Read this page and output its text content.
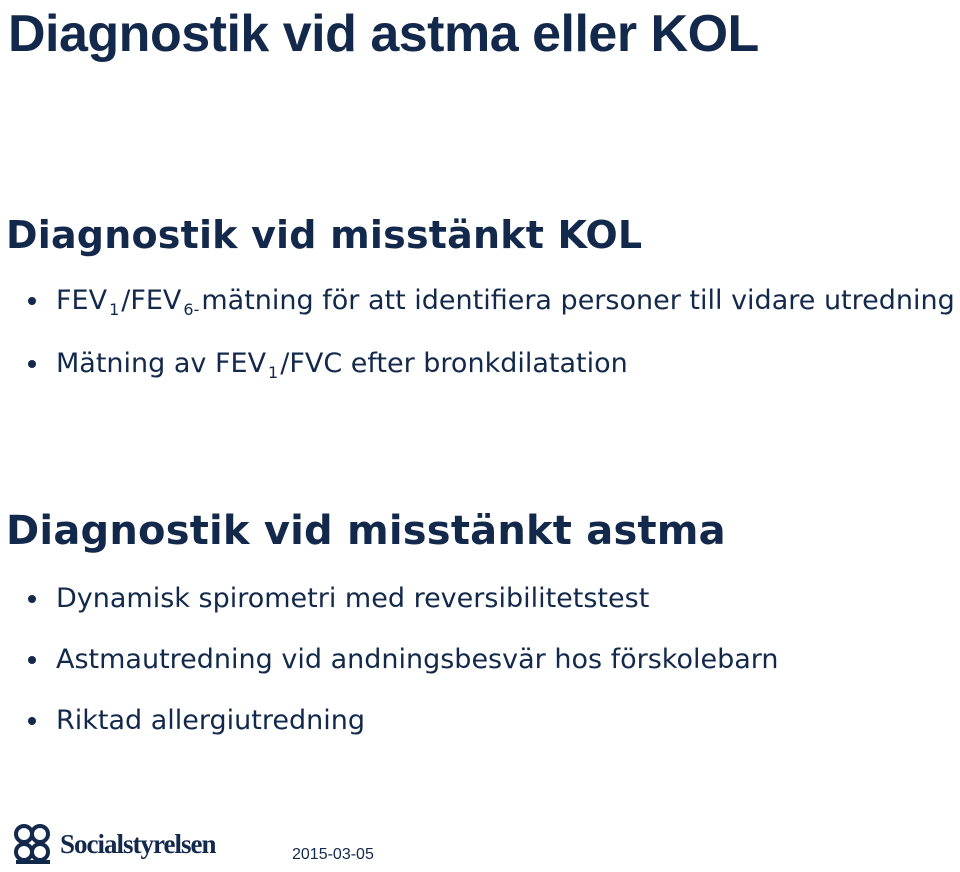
Diagnostik vid astma eller KOL
Diagnostik vid misstänkt KOL
FEV $_1$/FEV $_{6-}$mätning för att identifiera personer till vidare utredning
Mätning av FEV $_1$/FVC efter bronkdilatation
Diagnostik vid misstänkt astma
Dynamisk spirometri med reversibilitetstest
Astmautredning vid andningsbesvär hos förskolebarn
Riktad allergiutredning
Socialstyrelsen	2015-03-05
